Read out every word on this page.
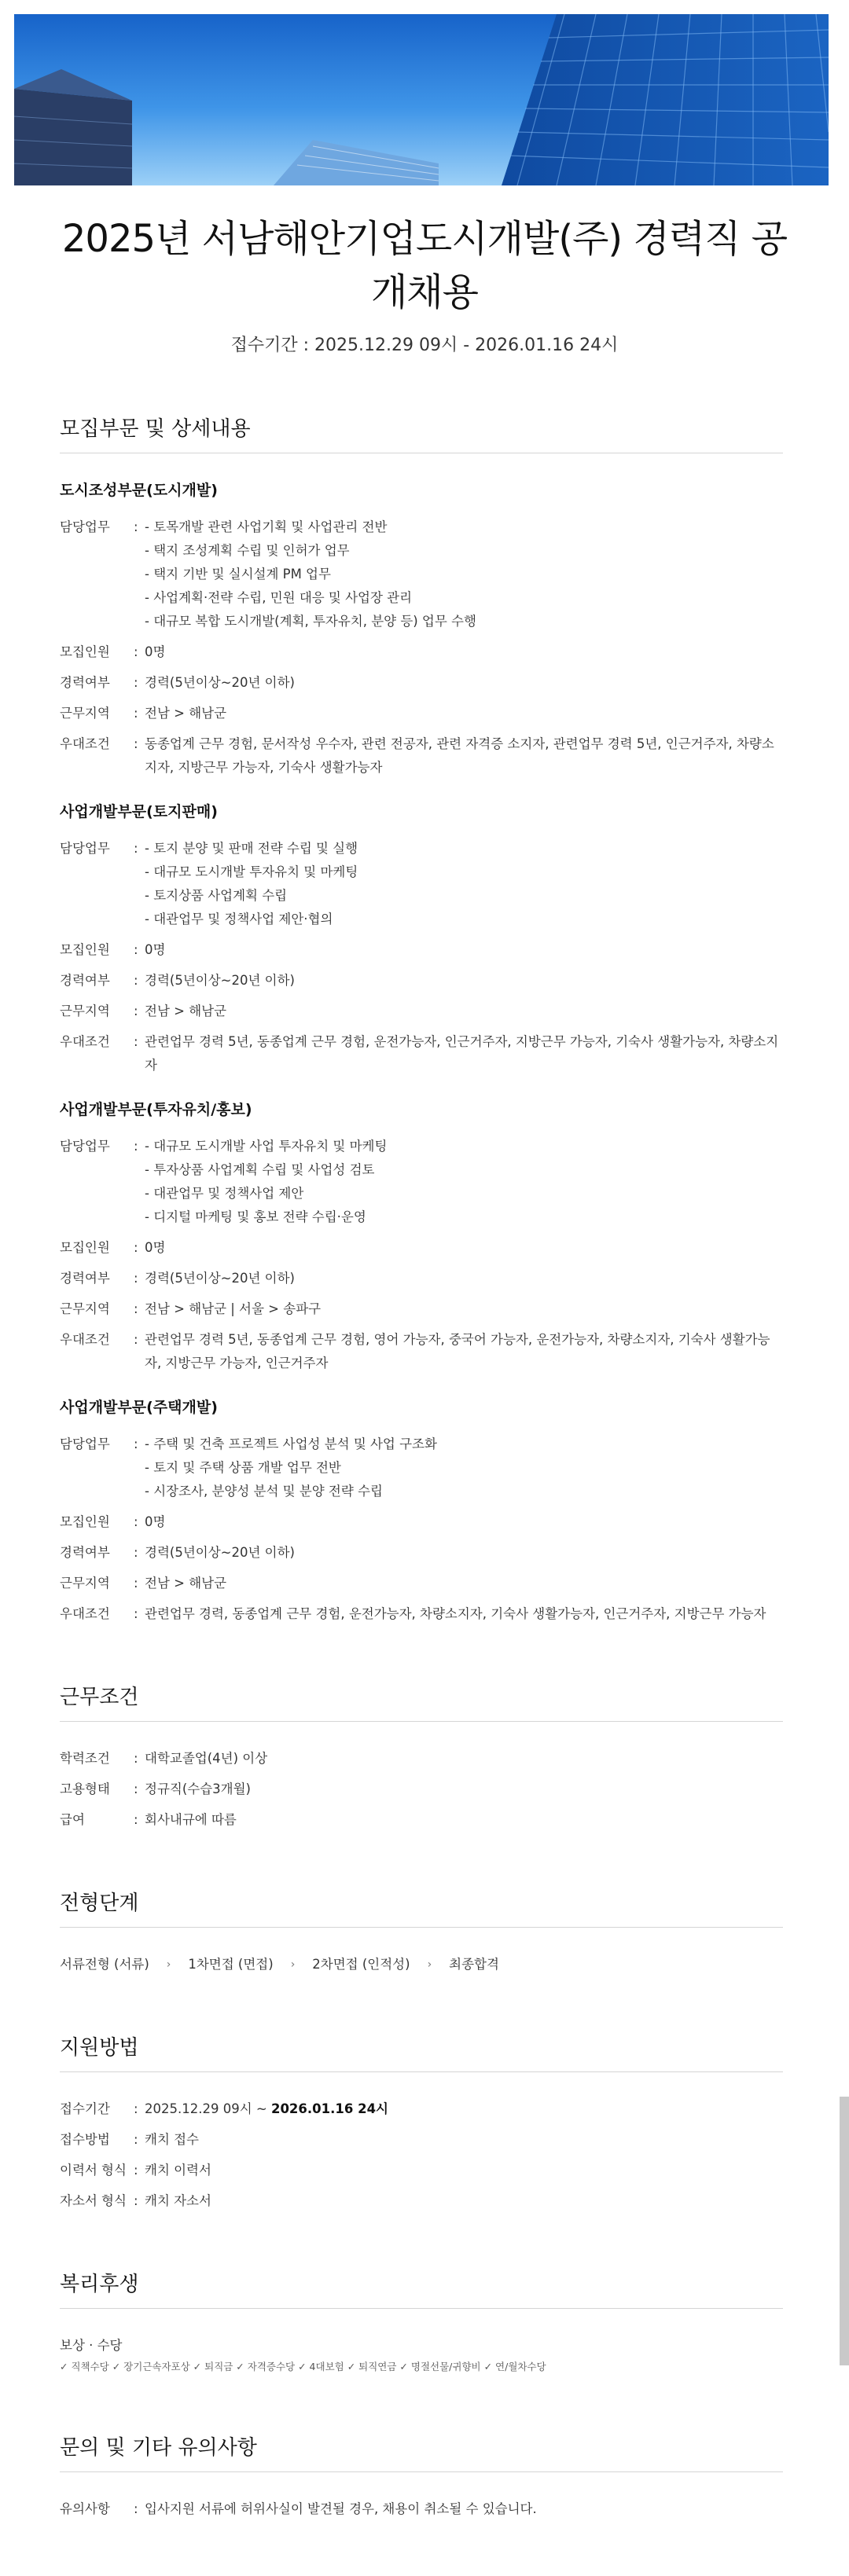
2025년 서남해안기업도시개발(주) 경력직 공개채용
접수기간 : 2025.12.29 09시 - 2026.01.16 24시
모집부문 및 상세내용
도시조성부문(도시개발)
담당업무	: - 토목개발 관련 사업기획 및 사업관리 전반
- 택지 조성계획 수립 및 인허가 업무
- 택지 기반 및 실시설계 PM 업무
- 사업계획·전략 수립, 민원 대응 및 사업장 관리
- 대규모 복합 도시개발(계획, 투자유치, 분양 등) 업무 수행
모집인원	: 0명
경력여부	: 경력(5년이상~20년 이하)
근무지역	: 전남 > 해남군
우대조건	: 동종업계 근무 경험, 문서작성 우수자, 관련 전공자, 관련 자격증 소지자, 관련업무 경력 5년, 인근거주자, 차량소지자, 지방근무 가능자, 기숙사 생활가능자
사업개발부문(토지판매)
담당업무	: - 토지 분양 및 판매 전략 수립 및 실행
- 대규모 도시개발 투자유치 및 마케팅
- 토지상품 사업계획 수립
- 대관업무 및 정책사업 제안·협의
모집인원	: 0명
경력여부	: 경력(5년이상~20년 이하)
근무지역	: 전남 > 해남군
우대조건	: 관련업무 경력 5년, 동종업계 근무 경험, 운전가능자, 인근거주자, 지방근무 가능자, 기숙사 생활가능자, 차량소지자
사업개발부문(투자유치/홍보)
담당업무	: - 대규모 도시개발 사업 투자유치 및 마케팅
- 투자상품 사업계획 수립 및 사업성 검토
- 대관업무 및 정책사업 제안
- 디지털 마케팅 및 홍보 전략 수립·운영
모집인원	: 0명
경력여부	: 경력(5년이상~20년 이하)
근무지역	: 전남 > 해남군 | 서울 > 송파구
우대조건	: 관련업무 경력 5년, 동종업계 근무 경험, 영어 가능자, 중국어 가능자, 운전가능자, 차량소지자, 기숙사 생활가능자, 지방근무 가능자, 인근거주자
사업개발부문(주택개발)
담당업무	: - 주택 및 건축 프로젝트 사업성 분석 및 사업 구조화
- 토지 및 주택 상품 개발 업무 전반
- 시장조사, 분양성 분석 및 분양 전략 수립
모집인원	: 0명
경력여부	: 경력(5년이상~20년 이하)
근무지역	: 전남 > 해남군
우대조건	: 관련업무 경력, 동종업계 근무 경험, 운전가능자, 차량소지자, 기숙사 생활가능자, 인근거주자, 지방근무 가능자
근무조건
학력조건	: 대학교졸업(4년) 이상
고용형태	: 정규직(수습3개월)
급여	: 회사내규에 따름
전형단계
서류전형 (서류) › 1차면접 (면접) › 2차면접 (인적성) › 최종합격
지원방법
접수기간	: 2025.12.29 09시 ~ 2026.01.16 24시
접수방법	: 캐치 접수
이력서 형식 : 캐치 이력서
자소서 형식 : 캐치 자소서
복리후생
보상 · 수당
✓ 직책수당 ✓ 장기근속자포상 ✓ 퇴직금 ✓ 자격증수당 ✓ 4대보험 ✓ 퇴직연금 ✓ 명절선물/귀향비 ✓ 연/월차수당
문의 및 기타 유의사항
유의사항	: 입사지원 서류에 허위사실이 발견될 경우, 채용이 취소될 수 있습니다.
